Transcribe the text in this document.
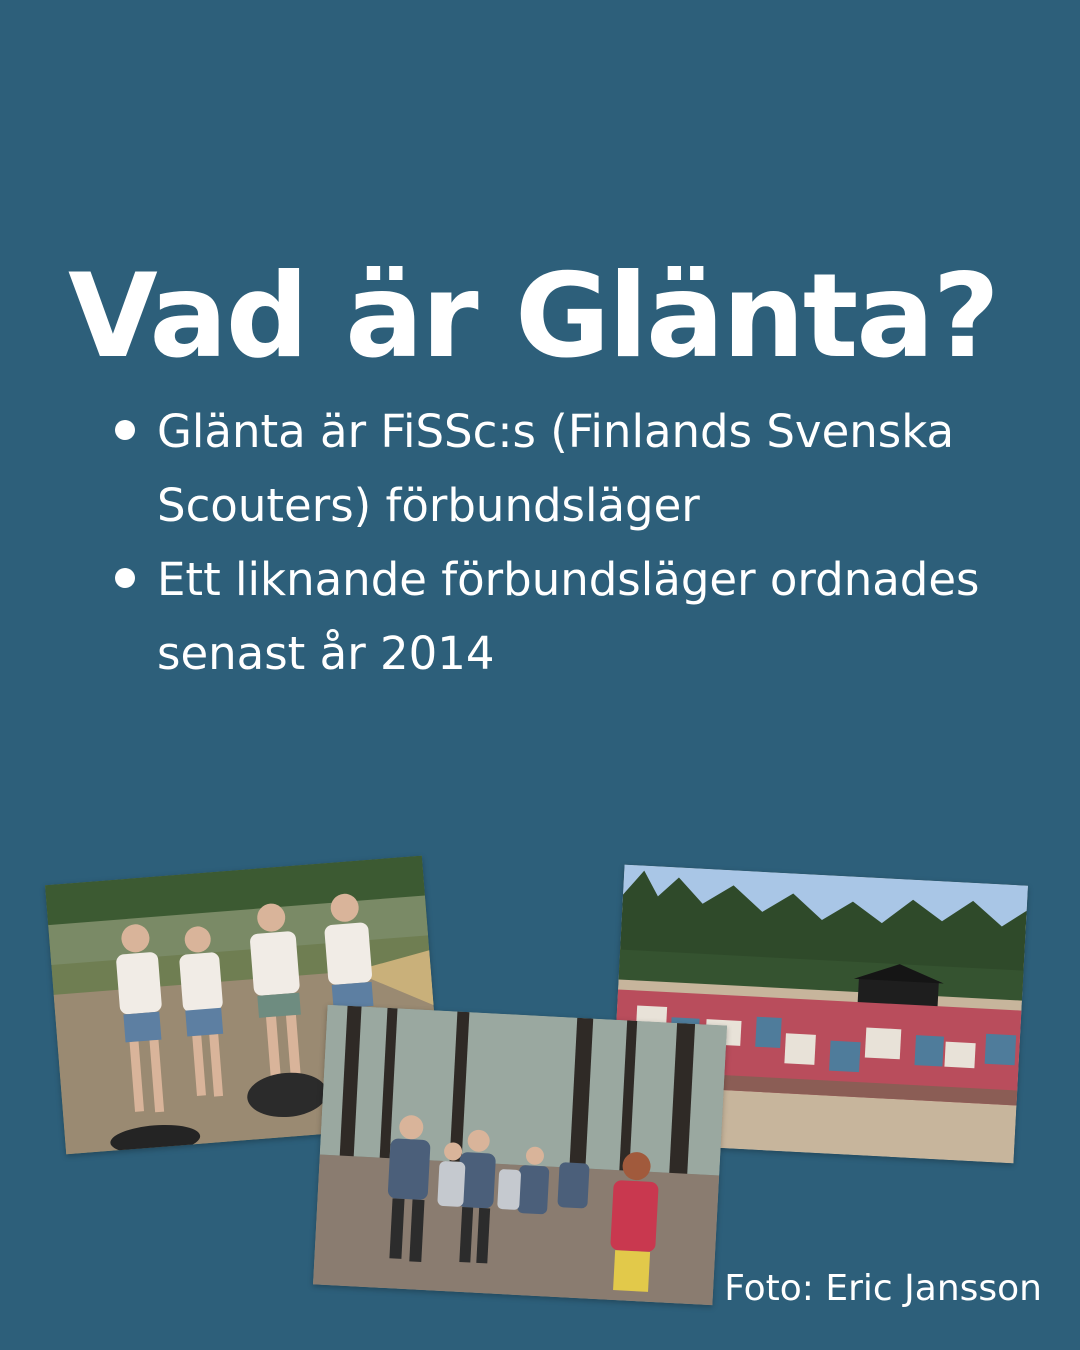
Vad är Glänta?
Glänta är FiSSc:s (Finlands Svenska Scouters) förbundsläger
Ett liknande förbundsläger ordnades senast år 2014
Foto: Eric Jansson
